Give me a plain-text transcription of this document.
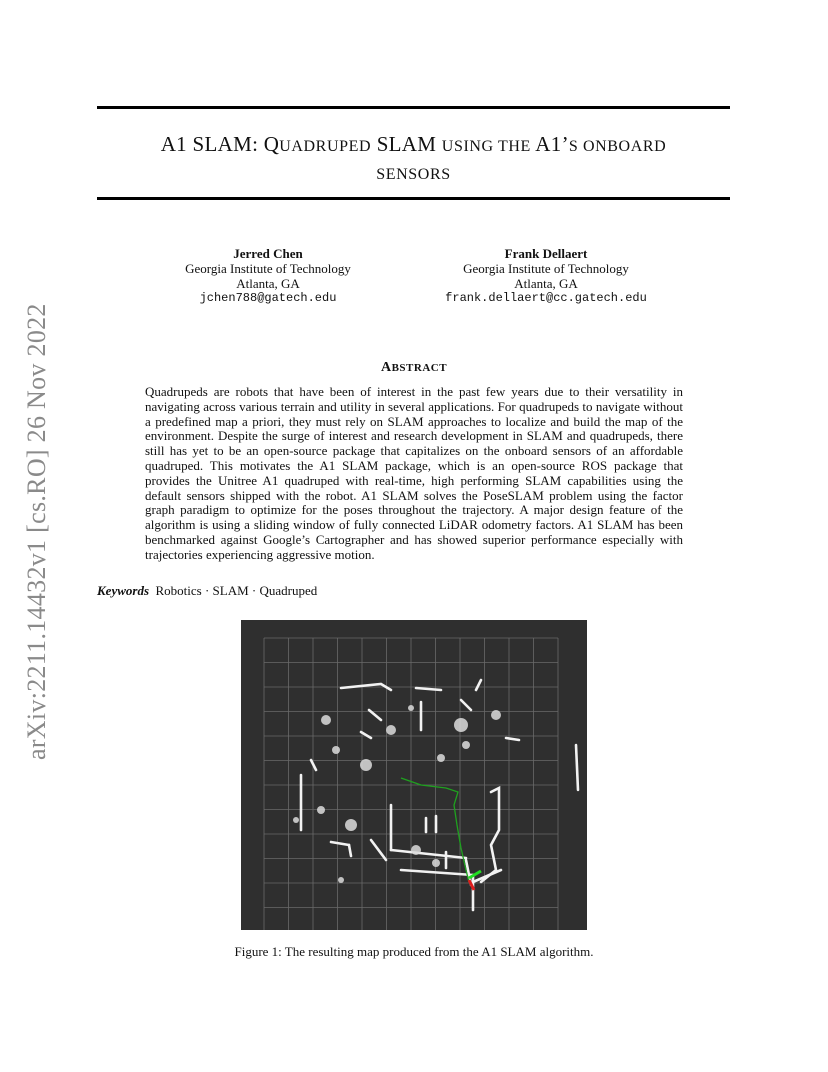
A1 SLAM: QUADRUPED SLAM USING THE A1’S ONBOARD
SENSORS
Jerred Chen
Georgia Institute of Technology
Atlanta, GA
jchen788@gatech.edu
Frank Dellaert
Georgia Institute of Technology
Atlanta, GA
frank.dellaert@cc.gatech.edu
ABSTRACT
Quadrupeds are robots that have been of interest in the past few years due to their versatility in navigating across various terrain and utility in several applications. For quadrupeds to navigate without a predefined map a priori, they must rely on SLAM approaches to localize and build the map of the environment. Despite the surge of interest and research development in SLAM and quadrupeds, there still has yet to be an open-source package that capitalizes on the onboard sensors of an affordable quadruped. This motivates the A1 SLAM package, which is an open-source ROS package that provides the Unitree A1 quadruped with real-time, high performing SLAM capabilities using the default sensors shipped with the robot. A1 SLAM solves the PoseSLAM problem using the factor graph paradigm to optimize for the poses throughout the trajectory. A major design feature of the algorithm is using a sliding window of fully connected LiDAR odometry factors. A1 SLAM has been benchmarked against Google’s Cartographer and has showed superior performance especially with trajectories experiencing aggressive motion.
Keywords Robotics · SLAM · Quadruped
Figure 1: The resulting map produced from the A1 SLAM algorithm.
arXiv:2211.14432v1 [cs.RO] 26 Nov 2022
